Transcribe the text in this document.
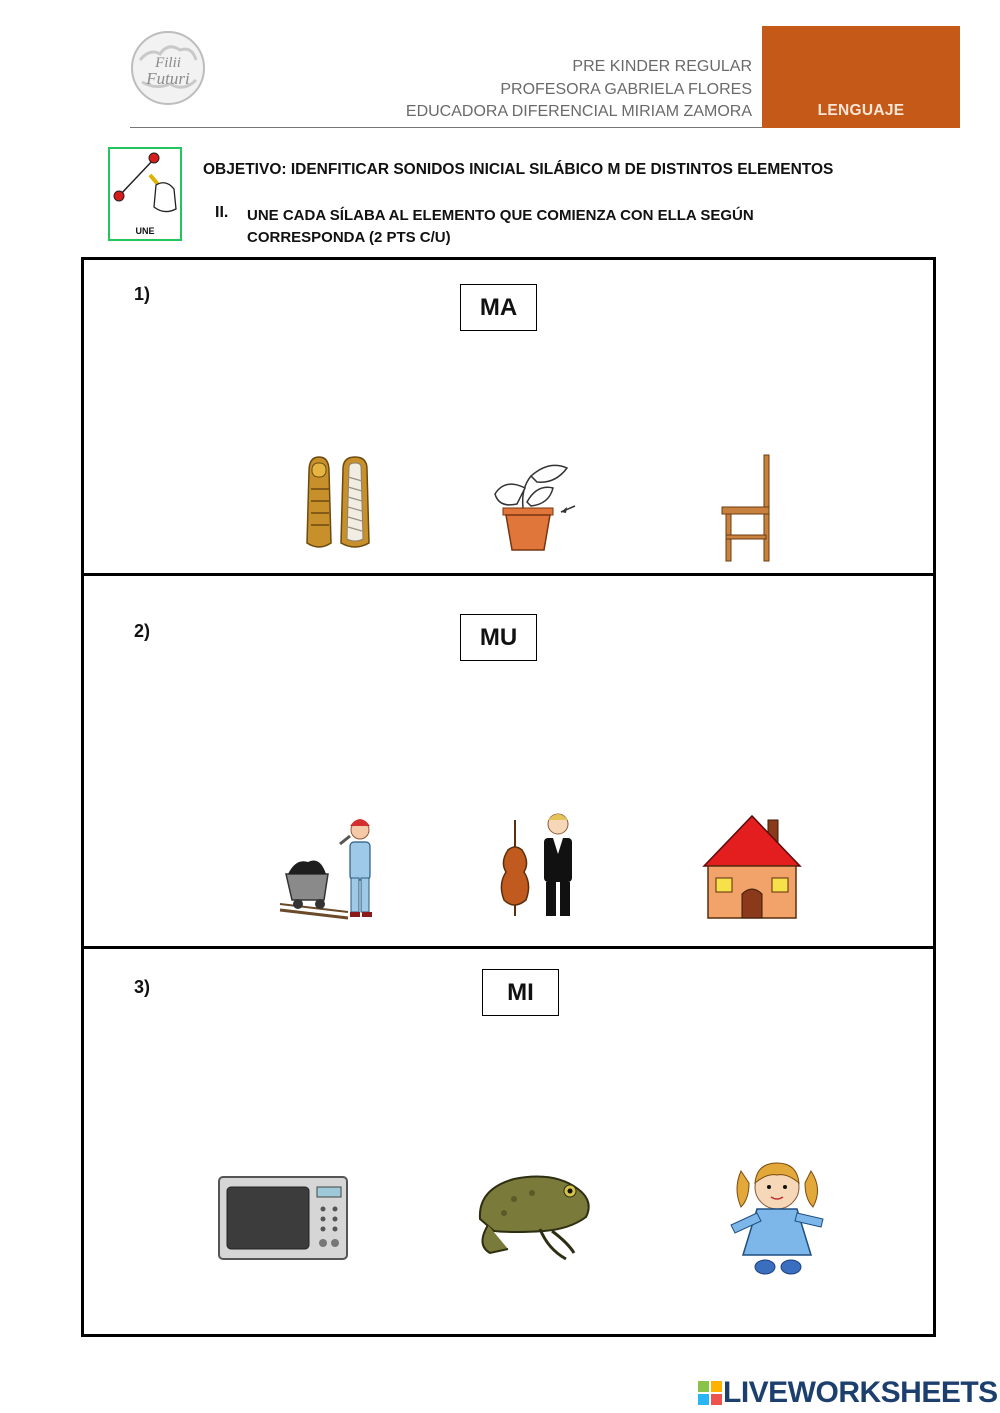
Filii
Futuri
PRE KINDER REGULAR
PROFESORA GABRIELA FLORES
EDUCADORA DIFERENCIAL MIRIAM ZAMORA	LENGUAJE
UNE
OBJETIVO: IDENFITICAR SONIDOS INICIAL SILÁBICO M DE DISTINTOS ELEMENTOS
II. UNE CADA SÍLABA AL ELEMENTO QUE COMIENZA CON ELLA SEGÚN CORRESPONDA (2 PTS C/U)
1)	MA
2)	MU
3)	MI
LIVEWORKSHEETS
